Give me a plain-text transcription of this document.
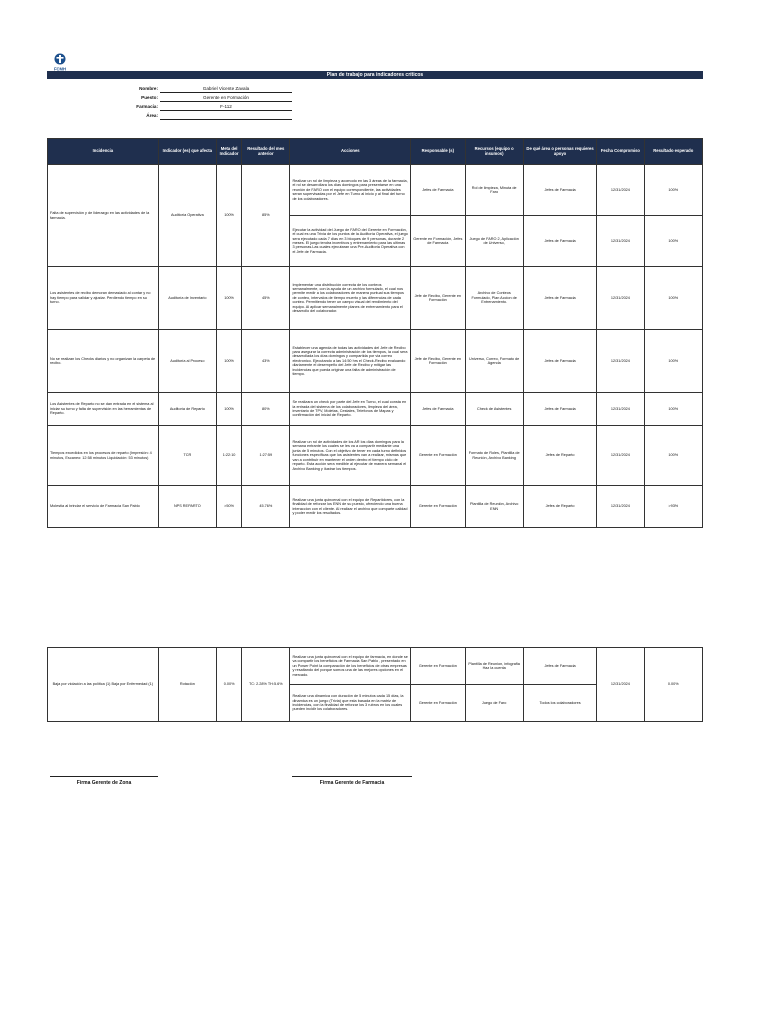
FCMH
Plan de trabajo para indicadores críticos
Nombre:	Gabriel Vicente Zavala
Puesto:	Gerente en Formación
Farmacia:	F-112
Área:
Incidencia	Indicador (es) que afecta	Meta del Indicador	Resultado del mes anterior	Acciones	Responsable (s)	Recursos (equipo o insumos)	De qué área o personas requieres apoyo	Fecha Compromiso	Resultado esperado
Falta de supervisión y de liderazgo en las actividades de la farmacia.	Auditoría Operativa	100%	85%	Realizar un rol de limpieza y acomodo en las 3 áreas de la farmacia, el rol se desarrollara los días domingos para presentarse en una reunión de FARO con el equipo correspondiente, las actividades seran supervisadas por el Jefe en Turno al inicio y al final del turno de los colaboradores.	Jefes de Farmacia	Rol de limpieza, Minuta de Faro	Jefes de Farmacia	12/31/2024	100%
				Ejecutar la actividad del Juego de FARO del Gerente en Formación, el cual es una Trivia de los puntos de la Auditoría Operativa, el juego sera ejecutado cada 7 días en 3 bloques de 9 personas, durante 2 meses. El juego tendra incentivos y entrenamiento para las ultimas 3 personas.Las cuales ejecutaran una Pre-Auditoria Operativa con el Jefe de Farmacia.	Gerente en Formación, Jefes de Farmacia	Juego de FARO 2, Aplicación de Universo,	Jefes de Farmacia	12/31/2024	100%
Los asistentes de recibo demoran demasiado al contar y no hay tiempo para validar y ajustar. Perdiendo tiempo en su turno.	Auditoría de Inventario	100%	45%	Implementar una distribución correcta de los conteos semanalmente, con la ayuda de un archivo formulado, el cual nos permite medir a los colaboradores de manera puntual sus tiempos de conteo, intervalos de tiempo muerto y las diferencias de cada conteo. Permitiendo tener un campo visual del rendimiento del equipo. Al aplicar semanalmente planes de entrenamiento para el desarrollo del colaborador.	Jefe de Recibo, Gerente en Formación	Archivo de Conteos Formulado, Plan Accion de Entrenamiento.	Jefes de Farmacia	12/31/2024	100%
No se realizan los Checks diarios y no organizan la carpeta de recibo.	Auditoría al Proceso	100%	43%	Establecer una agenda de todas las actividades del Jefe de Recibo para asegurar la correcta administración de los tiempos, la cual sera desarrollada los días domingos y compartida por via correo electronico. Ejecutando a las 14:50 hrs el Check-Recibo evaluando diariamente el desempeño del Jefe de Recibo y mitigar las incidencias que pueda originar una falta de administración de tiempo.	Jefe de Recibo, Gerente en Formación	Universo, Correo, Formato de Agenda	Jefes de Farmacia	12/31/2024	100%
Los Asistentes de Reparto no se dan entrada en el sistema al iniciar su turno y falta de supervisión en las herramientas de Reparto.	Auditoría de Reparto	100%	80%	Se realizara un check por parte del Jefe en Turno, el cual consta en la entrada del sistema de los colaboradores, limpieza del área, inventario de TPV, Moletas, Cestales, Telefonos de Mapas y confirmación del inicial de Reparto.	Jefes de Farmacia	Check de Asistentes	Jefes de Farmacia	12/31/2024	100%
Tiempos excedidos en los procesos de reparto (Impresión: 4 minutos, Escaneo: 12:58 minutos Liquidación: 53 minutos)	TCR	1:22:10	1:27:59	Realizar un rol de actividades de los AR los días domingos para la semana entrante los cuales se les va a compartir mediante una junta de 5 minutos. Con el objetivo de tener en cada turno definidos funciones especificas que los asistentes van a realizar, mismas que van a contribuir en mantener el orden dentro el tiempo ciclo de reparto. Esta acción sera medible al ejecutar de manera semanal el Archivo Banking y ilustrar los tiempos.	Gerente en Formación	Formato de Roles, Plantilla de Reunión, Archivo Banking	Jefes de Reparto	12/31/2024	100%
Molestia al brindar el servicio de Farmacia San Pablo	NPS REPARTO	>50%	45.76%	Realizar una junta quincenal con el equipo de Repartidores, con la finalidad de reforzar los ENN de su puesto, ofreciendo una buena interaccion con el cliente. Al realizar el archivo que comparte calidad y poder medir los resultados.	Gerente en Formación	Plantilla de Reunión, Archivo ENN	Jefes de Reparto	12/31/2024	>93%
Baja por violación a las política (1) Baja por Enfermedad (1)	Rotación	0.00%	TC: 2.28% TH:5.6%	Realizar una junta quincenal con el equipo de farmacia, en donde se va compartir los beneficios de Farmacia San Pablo , presentado en un Power Point la comparación de los beneficios de otras empresas y resaltando del porque somos una de las mejores opciones en el mercado.	Gerente en Formación	Plantilla de Reunion, infografia Haz la cuenta	Jefes de Farmacia	12/31/2024	0.00%
				Realizar una dinamica con duración de 5 minutos cada 15 días, la dinamica es un juego (Trivia) que esta basada en la matriz de incidencias, con la finalidad de reforzar los 3 rubros en los cuales pueden incidir los colaboradores.	Gerente en Formación	Juego de Faro	Todos los colaboradores		
Firma Gerente de Zona	Firma Gerente de Farmacia
